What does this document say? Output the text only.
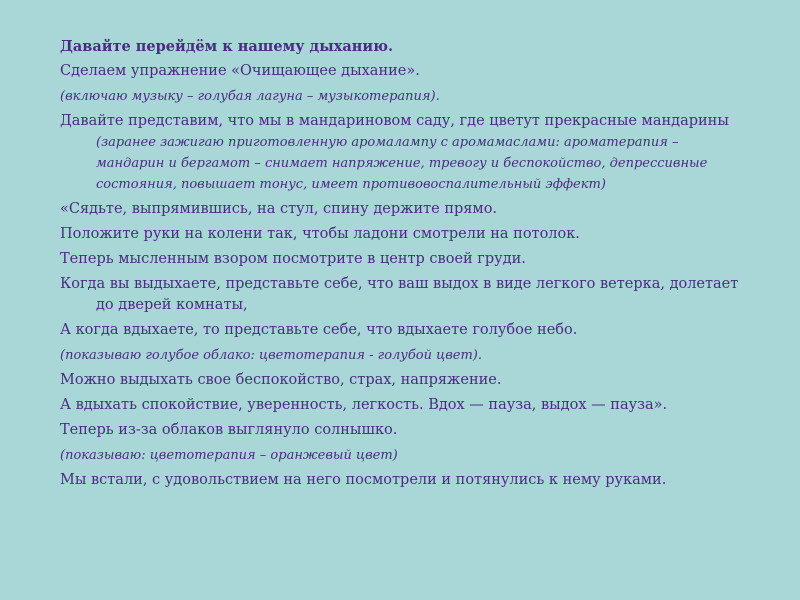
Давайте перейдём к нашему дыханию.

Сделаем упражнение «Очищающее дыхание».

(включаю музыку – голубая лагуна – музыкотерапия).

Давайте представим, что мы в мандариновом саду, где цветут прекрасные мандарины (заранее зажигаю приготовленную аромалампу с аромамаслами: ароматерапия – мандарин и бергамот – снимает напряжение, тревогу и беспокойство, депрессивные состояния, повышает тонус, имеет противовоспалительный эффект)

«Сядьте, выпрямившись, на стул, спину держите прямо.

Положите руки на колени так, чтобы ладони смотрели на потолок.

Теперь мысленным взором посмотрите в центр своей груди.

Когда вы выдыхаете, представьте себе, что ваш выдох в виде легкого ветерка, долетает до дверей комнаты,

А когда вдыхаете, то представьте себе, что вдыхаете голубое небо.

(показываю голубое облако: цветотерапия - голубой цвет).

Можно выдыхать свое беспокойство, страх, напряжение.

А вдыхать спокойствие, уверенность, легкость. Вдох — пауза, выдох — пауза».

Теперь из-за облаков выглянуло солнышко.

(показываю: цветотерапия – оранжевый цвет)

Мы встали, с удовольствием на него посмотрели и потянулись к нему руками.
